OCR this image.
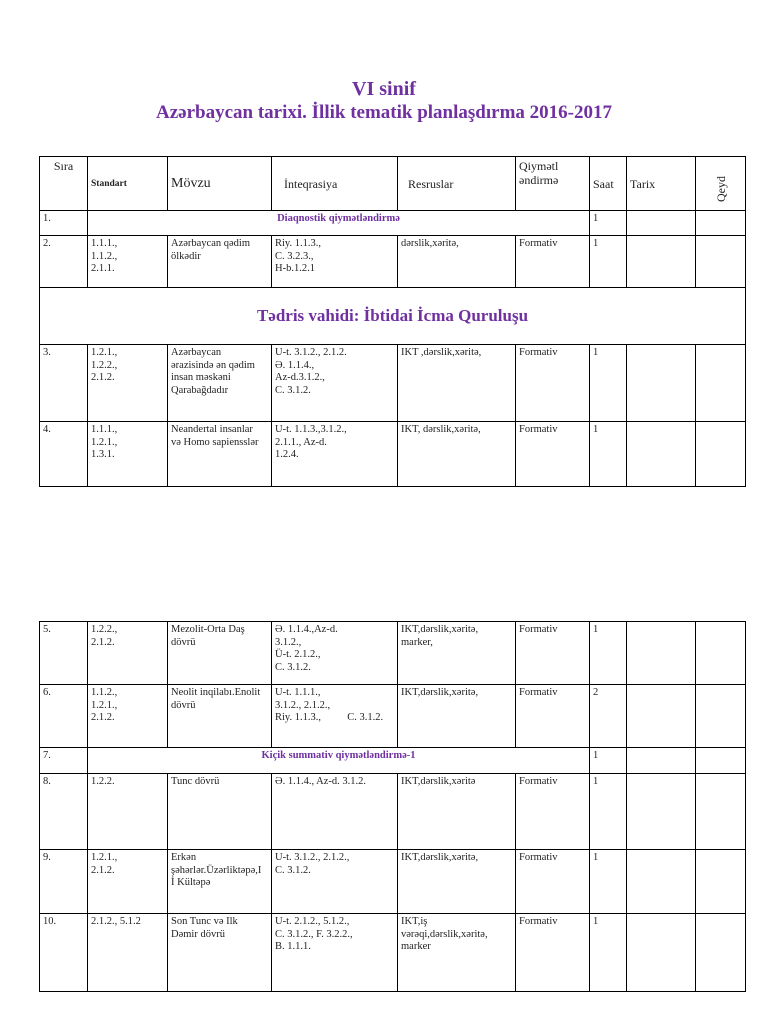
VI sinif
Azərbaycan tarixi. İllik tematik planlaşdırma 2016-2017
Sıra	Standart	Mövzu	İnteqrasiya	Resruslar	Qiymətl
əndirmə	Saat	Tarix	Qeyd

1.	Diaqnostik qiymətləndirmə					1		
2.	1.1.1.,
1.1.2.,
2.1.1.	Azərbaycan qədim
ölkədir	Riy. 1.1.3.,
C. 3.2.3.,
H-b.1.2.1	dərslik,xəritə,	Formativ	1		
Tədris vahidi: İbtidai İcma Quruluşu								
3.	1.2.1.,
1.2.2.,
2.1.2.	Azərbaycan
ərazisində ən qədim
insan məskəni
Qarabağdadır	U-t. 3.1.2., 2.1.2.
Ə. 1.1.4.,
Az-d.3.1.2.,
C. 3.1.2.	IKT ,dərslik,xəritə,	Formativ	1		
4.	1.1.1.,
1.2.1.,
1.3.1.	Neandertal insanlar
və Homo sapiensslər	U-t. 1.1.3.,3.1.2.,
2.1.1., Az-d.
1.2.4.	IKT, dərslik,xəritə,	Formativ	1		
5.	1.2.2.,
2.1.2.	Mezolit-Orta Daş
dövrü	Ə. 1.1.4.,Az-d.
3.1.2.,
Ü-t. 2.1.2.,
C. 3.1.2.	IKT,dərslik,xəritə,
marker,	Formativ	1		
6.	1.1.2.,
1.2.1.,
2.1.2.	Neolit inqilabı.Enolit
dövrü	U-t. 1.1.1.,
3.1.2., 2.1.2.,
Riy. 1.1.3.,          C. 3.1.2.	IKT,dərslik,xəritə,	Formativ	2		
7.	Kiçik summativ qiymətləndirmə-1					1		
8.	1.2.2.	Tunc dövrü	Ə. 1.1.4., Az-d. 3.1.2.	IKT,dərslik,xəritə	Formativ	1		
9.	1.2.1.,
2.1.2.	Erkən
şəhərlər.Üzərliktəpə,I
İ Kültəpə	U-t. 3.1.2., 2.1.2.,
C. 3.1.2.	IKT,dərslik,xəritə,	Formativ	1		
10.	2.1.2., 5.1.2	Son Tunc və Ilk
Dəmir dövrü	U-t. 2.1.2., 5.1.2.,
C. 3.1.2., F. 3.2.2.,
B. 1.1.1.	IKT,iş
vərəqi,dərslik,xəritə,
marker	Formativ	1		
